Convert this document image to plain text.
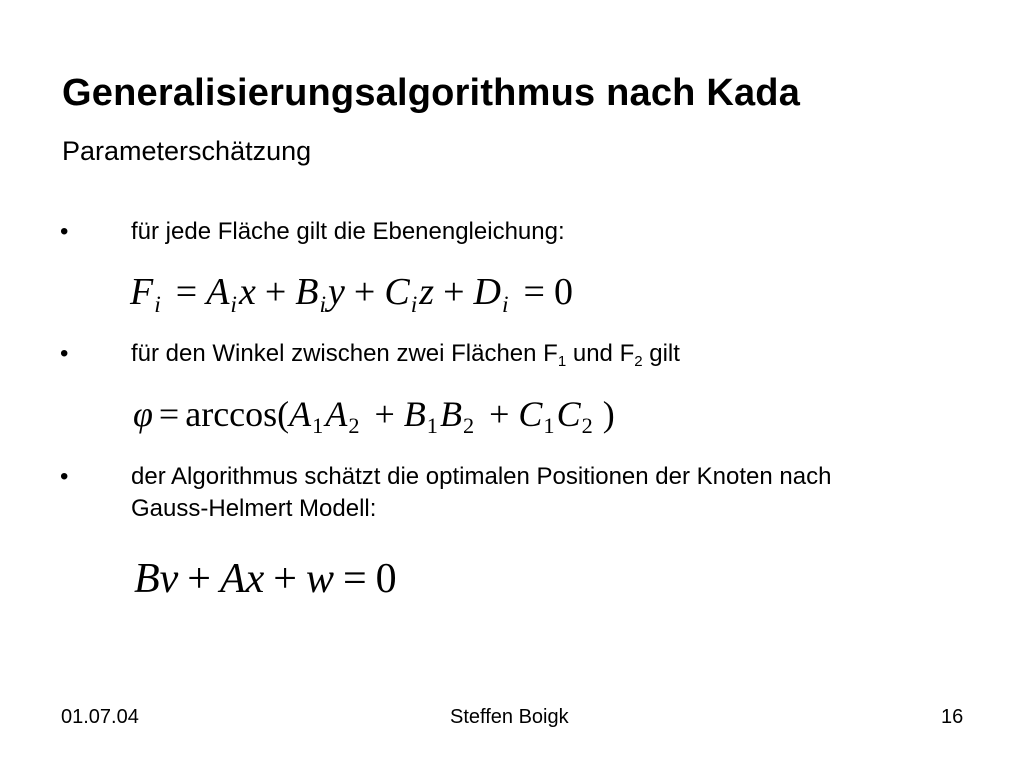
Generalisierungsalgorithmus nach Kada
Parameterschätzung
•	für jede Fläche gilt die Ebenengleichung:
$F_i = A_ix + B_iy + C_iz + D_i = 0$
•	für den Winkel zwischen zwei Flächen $F_1$ und $F_2$ gilt
$\varphi = \arccos(A_1A_2 + B_1B_2 + C_1C_2$ )
•	der Algorithmus schätzt die optimalen Positionen der Knoten nach
Gauss-Helmert Modell:
Bv + Ax + w = 0
01.07.04	Steffen Boigk	16
